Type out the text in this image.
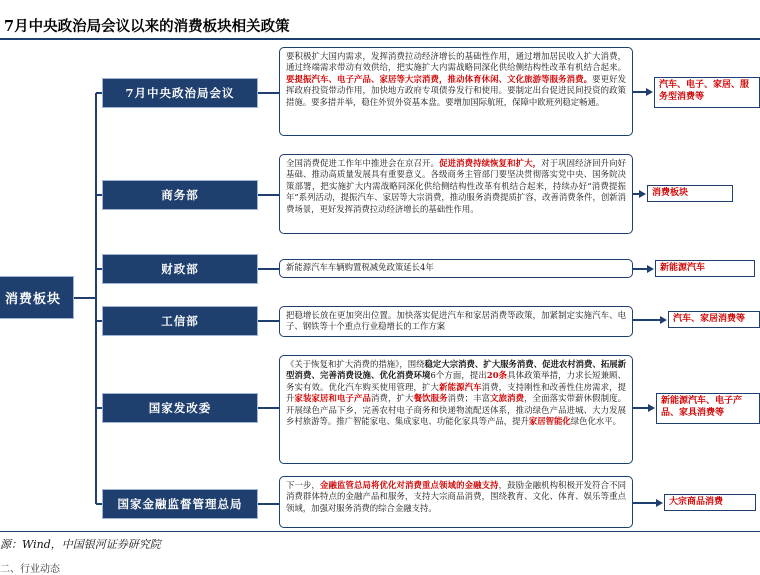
7月中央政治局会议以来的消费板块相关政策
消费板块
7月中央政治局会议
要积极扩大国内需求，发挥消费拉动经济增长的基础性作用，通过增加居民收入扩大消费，通过终端需求带动有效供给，把实施扩大内需战略同深化供给侧结构性改革有机结合起来。要提振汽车、电子产品、家居等大宗消费，推动体育休闲、文化旅游等服务消费。要更好发挥政府投资带动作用，加快地方政府专项债券发行和使用。要制定出台促进民间投资的政策措施。要多措并举，稳住外贸外资基本盘。要增加国际航班，保障中欧班列稳定畅通。
汽车、电子、家居、服务型消费等
商务部
全国消费促进工作年中推进会在京召开。促进消费持续恢复和扩大，对于巩固经济回升向好基础、推动高质量发展具有重要意义。各级商务主管部门要坚决贯彻落实党中央、国务院决策部署，把实施扩大内需战略同深化供给侧结构性改革有机结合起来，持续办好“消费提振年”系列活动，提振汽车、家居等大宗消费，推动服务消费提质扩容，改善消费条件，创新消费场景，更好发挥消费拉动经济增长的基础性作用。
消费板块
财政部	新能源汽车车辆购置税减免政策延长4年	新能源汽车
工信部	把稳增长放在更加突出位置。加快落实促进汽车和家居消费等政策，加紧制定实施汽车、电子、钢铁等十个重点行业稳增长的工作方案
汽车、家居消费等
国家发改委
《关于恢复和扩大消费的措施》，围绕稳定大宗消费、扩大服务消费、促进农村消费、拓展新型消费、完善消费设施、优化消费环境6个方面，提出20条具体政策举措，力求长短兼顾、务实有效。优化汽车购买使用管理，扩大新能源汽车消费，支持刚性和改善性住房需求，提升家装家居和电子产品消费，扩大餐饮服务消费；丰富文旅消费，全面落实带薪休假制度。开展绿色产品下乡，完善农村电子商务和快递物流配送体系，推动绿色产品进城、大力发展乡村旅游等。推广智能家电、集成家电、功能化家具等产品，提升家居智能化绿色化水平。
新能源汽车、电子产品、家具消费等
国家金融监督管理总局
下一步，金融监管总局将优化对消费重点领域的金融支持，鼓励金融机构积极开发符合不同消费群体特点的金融产品和服务，支持大宗商品消费，围绕教育、文化、体育、娱乐等重点领域，加强对服务消费的综合金融支持。
大宗商品消费
源：Wind，中国银河证券研究院
二、行业动态
